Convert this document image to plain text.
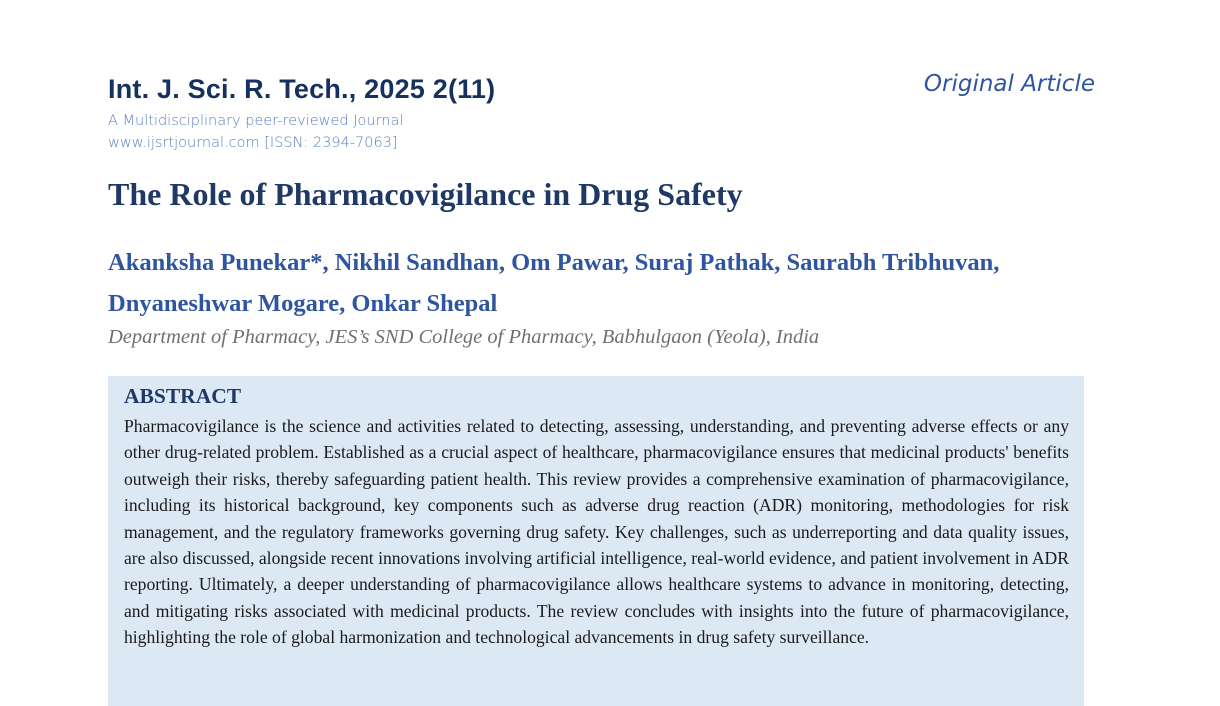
Int. J. Sci. R. Tech., 2025 2(11)

A Multidisciplinary peer-reviewed Journal

www.ijsrtjournal.com [ISSN: 2394-7063]

Original Article

The Role of Pharmacovigilance in Drug Safety

Akanksha Punekar*, Nikhil Sandhan, Om Pawar, Suraj Pathak, Saurabh Tribhuvan, Dnyaneshwar Mogare, Onkar Shepal

Department of Pharmacy, JES’s SND College of Pharmacy, Babhulgaon (Yeola), India

ABSTRACT

Pharmacovigilance is the science and activities related to detecting, assessing, understanding, and preventing adverse effects or any other drug-related problem. Established as a crucial aspect of healthcare, pharmacovigilance ensures that medicinal products' benefits outweigh their risks, thereby safeguarding patient health. This review provides a comprehensive examination of pharmacovigilance, including its historical background, key components such as adverse drug reaction (ADR) monitoring, methodologies for risk management, and the regulatory frameworks governing drug safety. Key challenges, such as underreporting and data quality issues, are also discussed, alongside recent innovations involving artificial intelligence, real-world evidence, and patient involvement in ADR reporting. Ultimately, a deeper understanding of pharmacovigilance allows healthcare systems to advance in monitoring, detecting, and mitigating risks associated with medicinal products. The review concludes with insights into the future of pharmacovigilance, highlighting the role of global harmonization and technological advancements in drug safety surveillance.
